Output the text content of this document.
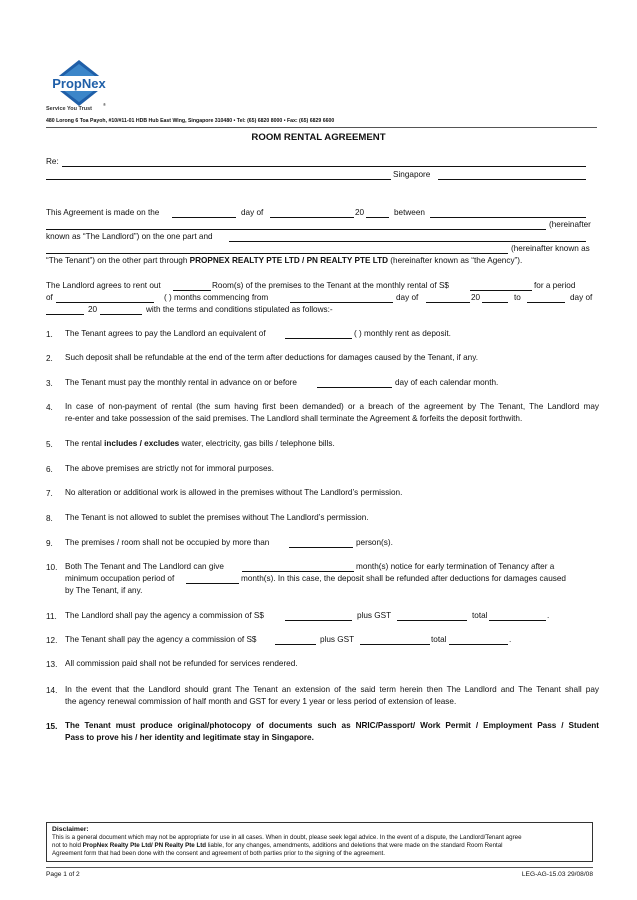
PropNex
®
Service You Trust
480 Lorong 6 Toa Payoh, #10/#11-01 HDB Hub East Wing, Singapore 310480 • Tel: (65) 6820 8000 • Fax: (65) 6829 6600
ROOM RENTAL AGREEMENT
Re:
Singapore
This Agreement is made on the	day of	20	between
(hereinafter
known as “The Landlord”) on the one part and
(hereinafter known as
“The Tenant”) on the other part through PROPNEX REALTY PTE LTD / PN REALTY PTE LTD (hereinafter known as “the Agency”).
The Landlord agrees to rent out	Room(s) of the premises to the Tenant at the monthly rental of S$	for a period
of	( ) months commencing from	day of	20	to	day of
20	with the terms and conditions stipulated as follows:-
1. The Tenant agrees to pay the Landlord an equivalent of	( ) monthly rent as deposit.
2. Such deposit shall be refundable at the end of the term after deductions for damages caused by the Tenant, if any.
3. The Tenant must pay the monthly rental in advance on or before	day of each calendar month.
4. In case of non-payment of rental (the sum having first been demanded) or a breach of the agreement by The Tenant, The Landlord may
re-enter and take possession of the said premises. The Landlord shall terminate the Agreement & forfeits the deposit forthwith.
5. The rental includes / excludes water, electricity, gas bills / telephone bills.
6. The above premises are strictly not for immoral purposes.
7. No alteration or additional work is allowed in the premises without The Landlord’s permission.
8. The Tenant is not allowed to sublet the premises without The Landlord’s permission.
9. The premises / room shall not be occupied by more than	person(s).
10. Both The Tenant and The Landlord can give	month(s) notice for early termination of Tenancy after a
minimum occupation period of	month(s). In this case, the deposit shall be refunded after deductions for damages caused
by The Tenant, if any.
11. The Landlord shall pay the agency a commission of S$	plus GST	total	.
12. The Tenant shall pay the agency a commission of S$	plus GST	total	.
13. All commission paid shall not be refunded for services rendered.
14. In the event that the Landlord should grant The Tenant an extension of the said term herein then The Landlord and The Tenant shall pay
the agency renewal commission of half month and GST for every 1 year or less period of extension of lease.
15. The Tenant must produce original/photocopy of documents such as NRIC/Passport/ Work Permit / Employment Pass / Student
Pass to prove his / her identity and legitimate stay in Singapore.
Disclaimer:
This is a general document which may not be appropriate for use in all cases. When in doubt, please seek legal advice. In the event of a dispute, the Landlord/Tenant agree
not to hold PropNex Realty Pte Ltd/ PN Realty Pte Ltd liable, for any changes, amendments, additions and deletions that were made on the standard Room Rental
Agreement form that had been done with the consent and agreement of both parties prior to the signing of the agreement.
Page 1 of 2	LEG-AG-15.03 29/08/08
